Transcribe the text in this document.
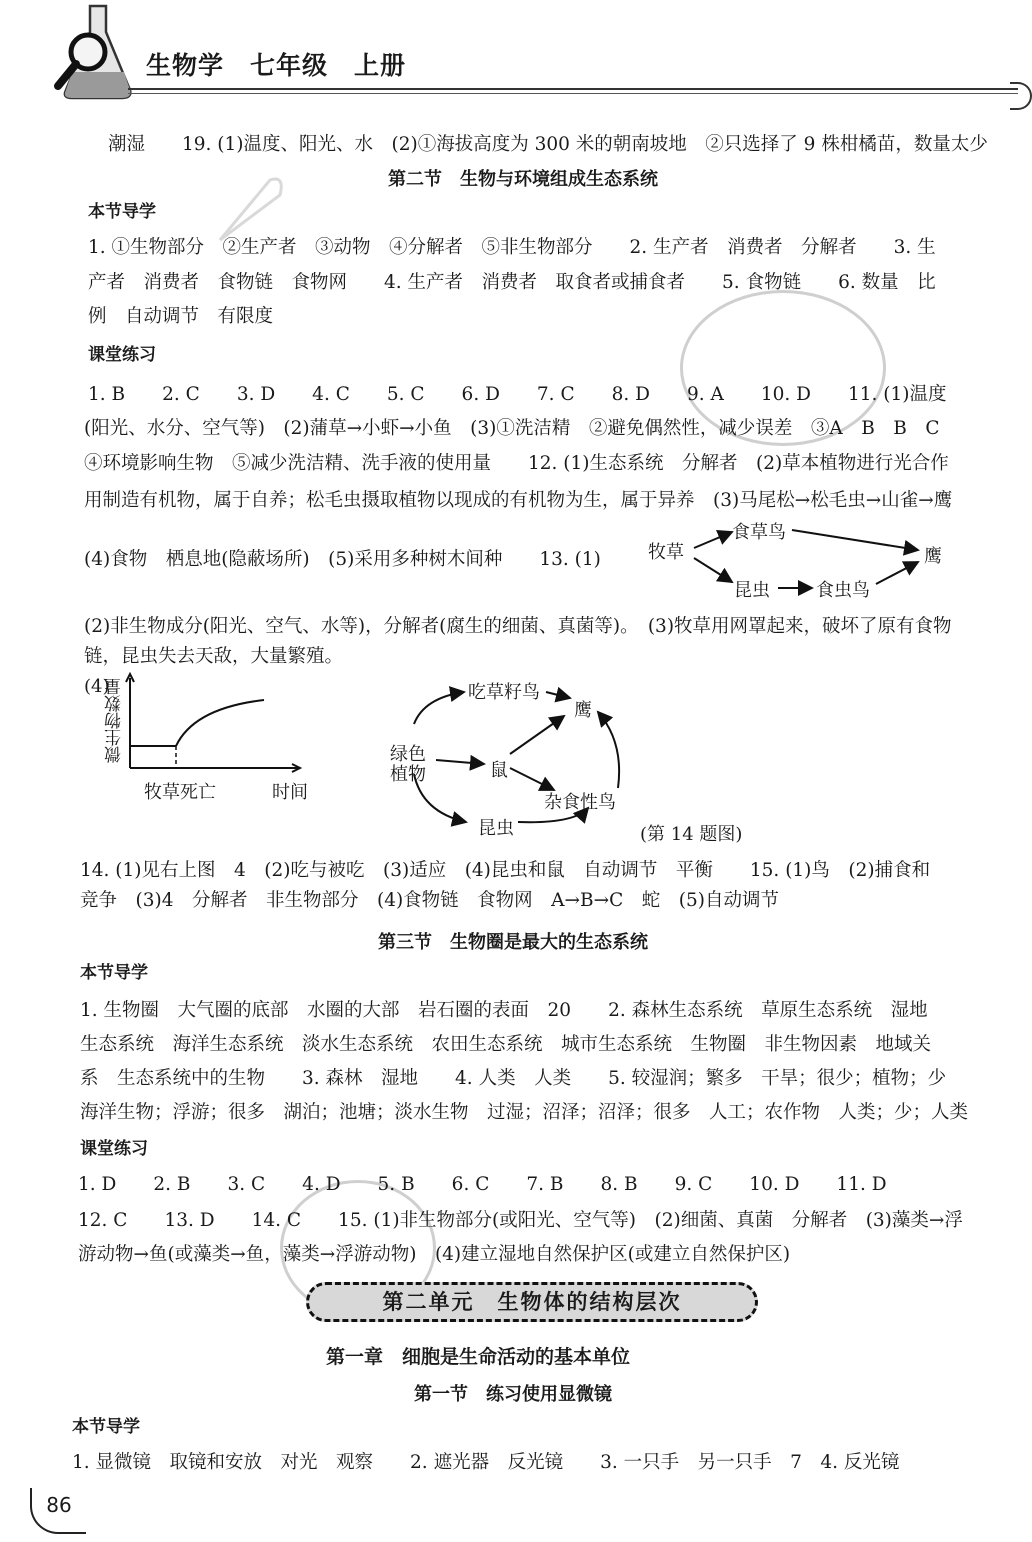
生物学　七年级　上册
潮湿　　19. (1)温度、阳光、水　(2)①海拔高度为 300 米的朝南坡地　②只选择了 9 株柑橘苗，数量太少
第二节　生物与环境组成生态系统
本节导学
1. ①生物部分　②生产者　③动物　④分解者　⑤非生物部分　　2. 生产者　消费者　分解者　　3. 生
产者　消费者　食物链　食物网　　4. 生产者　消费者　取食者或捕食者　　5. 食物链　　6. 数量　比
例　自动调节　有限度
课堂练习
1. B　　2. C　　3. D　　4. C　　5. C　　6. D　　7. C　　8. D　　9. A　　10. D　　11. (1)温度
(阳光、水分、空气等)　(2)蒲草→小虾→小鱼　(3)①洗洁精　②避免偶然性，减少误差　③A　B　B　C
④环境影响生物　⑤减少洗洁精、洗手液的使用量　　12. (1)生态系统　分解者　(2)草本植物进行光合作
用制造有机物，属于自养；松毛虫摄取植物以现成的有机物为生，属于异养　(3)马尾松→松毛虫→山雀→鹰
(4)食物　栖息地(隐蔽场所)　(5)采用多种树木间种　　13. (1)	牧草
食草鸟
鹰
昆虫	食虫鸟
(2)非生物成分(阳光、空气、水等)，分解者(腐生的细菌、真菌等)。　(3)牧草用网罩起来，破坏了原有食物
链，昆虫失去天敌，大量繁殖。
(4)
微生物数量
牧草死亡	时间
吃草籽鸟
鹰
绿色
植物	鼠
杂食性鸟
昆虫	(第 14 题图)
14. (1)见右上图　4　(2)吃与被吃　(3)适应　(4)昆虫和鼠　自动调节　平衡　　15. (1)鸟　(2)捕食和
竞争　(3)4　分解者　非生物部分　(4)食物链　食物网　A→B→C　蛇　(5)自动调节
第三节　生物圈是最大的生态系统
本节导学
1. 生物圈　大气圈的底部　水圈的大部　岩石圈的表面　20　　2. 森林生态系统　草原生态系统　湿地
生态系统　海洋生态系统　淡水生态系统　农田生态系统　城市生态系统　生物圈　非生物因素　地域关
系　生态系统中的生物　　3. 森林　湿地　　4. 人类　人类　　5. 较湿润；繁多　干旱；很少；植物；少
海洋生物；浮游；很多　湖泊；池塘；淡水生物　过湿；沼泽；沼泽；很多　人工；农作物　人类；少；人类
课堂练习
1. D　　2. B　　3. C　　4. D　　5. B　　6. C　　7. B　　8. B　　9. C　　10. D　　11. D
12. C　　13. D　　14. C　　15. (1)非生物部分(或阳光、空气等)　(2)细菌、真菌　分解者　(3)藻类→浮
游动物→鱼(或藻类→鱼，藻类→浮游动物)　(4)建立湿地自然保护区(或建立自然保护区)
第二单元　生物体的结构层次
第一章　细胞是生命活动的基本单位
第一节　练习使用显微镜
本节导学
1. 显微镜　取镜和安放　对光　观察　　2. 遮光器　反光镜　　3. 一只手　另一只手　7　4. 反光镜
86
